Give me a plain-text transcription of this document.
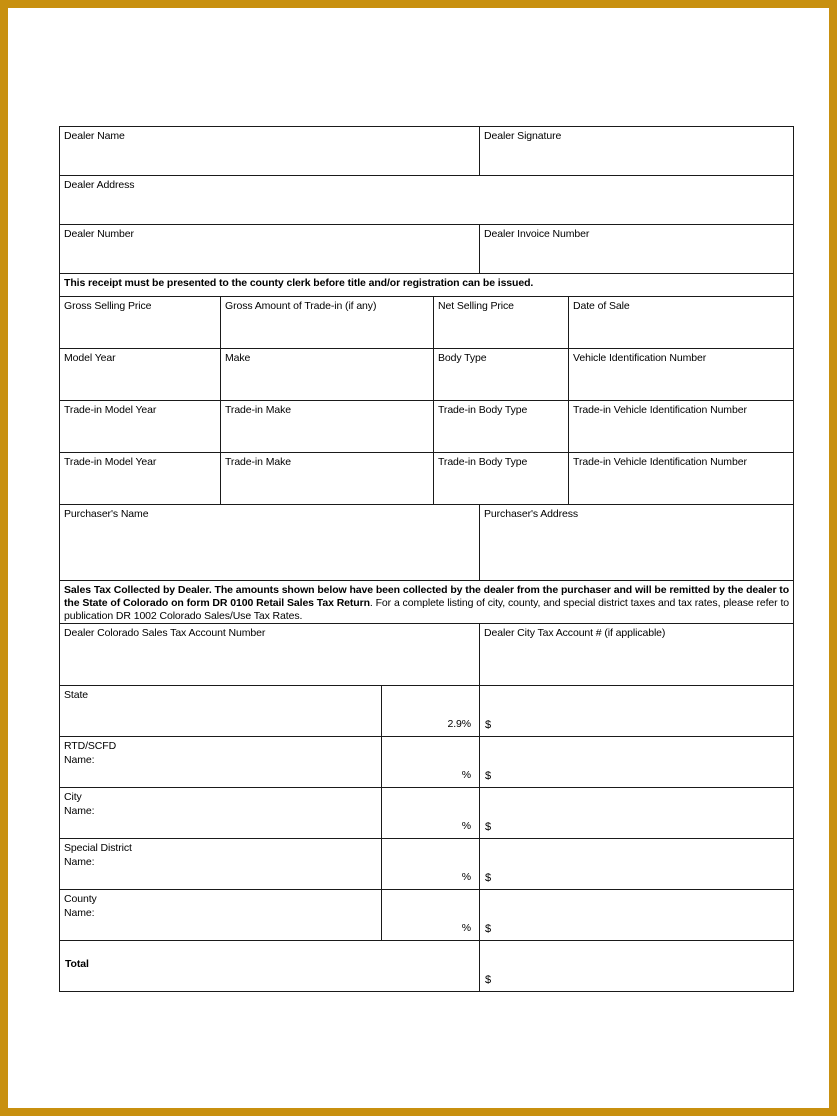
Dealer Name				Dealer Signature	
Dealer Address					
Dealer Number				Dealer Invoice Number	
This receipt must be presented to the county clerk before title and/or registration can be issued.					
Gross Selling Price	Gross Amount of Trade-in (if any)		Net Selling Price		Date of Sale
Model Year	Make		Body Type		Vehicle Identification Number
Trade-in Model Year	Trade-in Make		Trade-in Body Type		Trade-in Vehicle Identification Number
Trade-in Model Year	Trade-in Make		Trade-in Body Type		Trade-in Vehicle Identification Number
Purchaser's Name				Purchaser's Address	
Sales Tax Collected by Dealer. The amounts shown below have been collected by the dealer from the purchaser and will be remitted by the dealer to the State of Colorado on form DR 0100 Retail Sales Tax Return. For a complete listing of city, county, and special district taxes and tax rates, please refer to publication DR 1002 Colorado Sales/Use Tax Rates.					
Dealer Colorado Sales Tax Account Number				Dealer City Tax Account # (if applicable)	

State		2.9%		$	

RTD/SCFD
Name:		%		$	

City
Name:		%		$	

Special District
Name:		%		$	

County
Name:		%		$	

Total				$	
